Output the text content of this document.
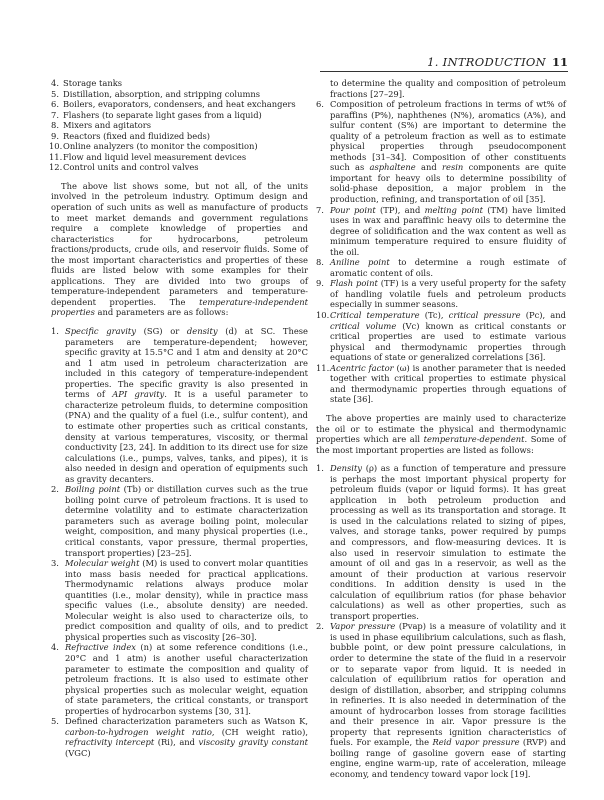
1. INTRODUCTION 11
4. Storage tanks
5. Distillation, absorption, and stripping columns
6. Boilers, evaporators, condensers, and heat exchangers
7. Flashers (to separate light gases from a liquid)
8. Mixers and agitators
9. Reactors (fixed and fluidized beds)
10. Online analyzers (to monitor the composition)
11. Flow and liquid level measurement devices
12. Control units and control valves

The above list shows some, but not all, of the units involved in the petroleum industry. Optimum design and operation of such units as well as manufacture of products to meet market demands and government regulations require a complete knowledge of properties and characteristics for hydrocarbons, petroleum fractions/products, crude oils, and reservoir fluids. Some of the most important characteristics and properties of these fluids are listed below with some examples for their applications. They are divided into two groups of temperature-independent parameters and temperature-dependent properties. The temperature-independent properties and parameters are as follows:

1. Specific gravity (SG) or density (d) at SC. These parameters are temperature-dependent; however, specific gravity at 15.5°C and 1 atm and density at 20°C and 1 atm used in petroleum characterization are included in this category of temperature-independent properties. The specific gravity is also presented in terms of API gravity. It is a useful parameter to characterize petroleum fluids, to determine composition (PNA) and the quality of a fuel (i.e., sulfur content), and to estimate other properties such as critical constants, density at various temperatures, viscosity, or thermal conductivity [23, 24]. In addition to its direct use for size calculations (i.e., pumps, valves, tanks, and pipes), it is also needed in design and operation of equipments such as gravity decanters.
2. Boiling point (Tb) or distillation curves such as the true boiling point curve of petroleum fractions. It is used to determine volatility and to estimate characterization parameters such as average boiling point, molecular weight, composition, and many physical properties (i.e., critical constants, vapor pressure, thermal properties, transport properties) [23–25].
3. Molecular weight (M) is used to convert molar quantities into mass basis needed for practical applications. Thermodynamic relations always produce molar quantities (i.e., molar density), while in practice mass specific values (i.e., absolute density) are needed. Molecular weight is also used to characterize oils, to predict composition and quality of oils, and to predict physical properties such as viscosity [26–30].
4. Refractive index (n) at some reference conditions (i.e., 20°C and 1 atm) is another useful characterization parameter to estimate the composition and quality of petroleum fractions. It is also used to estimate other physical properties such as molecular weight, equation of state parameters, the critical constants, or transport properties of hydrocarbon systems [30, 31].
5. Defined characterization parameters such as Watson K, carbon-to-hydrogen weight ratio, (CH weight ratio), refractivity intercept (Ri), and viscosity gravity constant (VGC)

to determine the quality and composition of petroleum fractions [27–29].

6. Composition of petroleum fractions in terms of wt% of paraffins (P%), naphthenes (N%), aromatics (A%), and sulfur content (S%) are important to determine the quality of a petroleum fraction as well as to estimate physical properties through pseudocomponent methods [31–34]. Composition of other constituents such as asphaltene and resin components are quite important for heavy oils to determine possibility of solid-phase deposition, a major problem in the production, refining, and transportation of oil [35].
7. Pour point (TP), and melting point (TM) have limited uses in wax and paraffinic heavy oils to determine the degree of solidification and the wax content as well as minimum temperature required to ensure fluidity of the oil.
8. Aniline point to determine a rough estimate of aromatic content of oils.
9. Flash point (TF) is a very useful property for the safety of handling volatile fuels and petroleum products especially in summer seasons.
10. Critical temperature (Tc), critical pressure (Pc), and critical volume (Vc) known as critical constants or critical properties are used to estimate various physical and thermodynamic properties through equations of state or generalized correlations [36].
11. Acentric factor (ω) is another parameter that is needed together with critical properties to estimate physical and thermodynamic properties through equations of state [36].

The above properties are mainly used to characterize the oil or to estimate the physical and thermodynamic properties which are all temperature-dependent. Some of the most important properties are listed as follows:

1. Density (ρ) as a function of temperature and pressure is perhaps the most important physical property for petroleum fluids (vapor or liquid forms). It has great application in both petroleum production and processing as well as its transportation and storage. It is used in the calculations related to sizing of pipes, valves, and storage tanks, power required by pumps and compressors, and flow-measuring devices. It is also used in reservoir simulation to estimate the amount of oil and gas in a reservoir, as well as the amount of their production at various reservoir conditions. In addition density is used in the calculation of equilibrium ratios (for phase behavior calculations) as well as other properties, such as transport properties.
2. Vapor pressure (Pvap) is a measure of volatility and it is used in phase equilibrium calculations, such as flash, bubble point, or dew point pressure calculations, in order to determine the state of the fluid in a reservoir or to separate vapor from liquid. It is needed in calculation of equilibrium ratios for operation and design of distillation, absorber, and stripping columns in refineries. It is also needed in determination of the amount of hydrocarbon losses from storage facilities and their presence in air. Vapor pressure is the property that represents ignition characteristics of fuels. For example, the Reid vapor pressure (RVP) and boiling range of gasoline govern ease of starting engine, engine warm-up, rate of acceleration, mileage economy, and tendency toward vapor lock [19].
